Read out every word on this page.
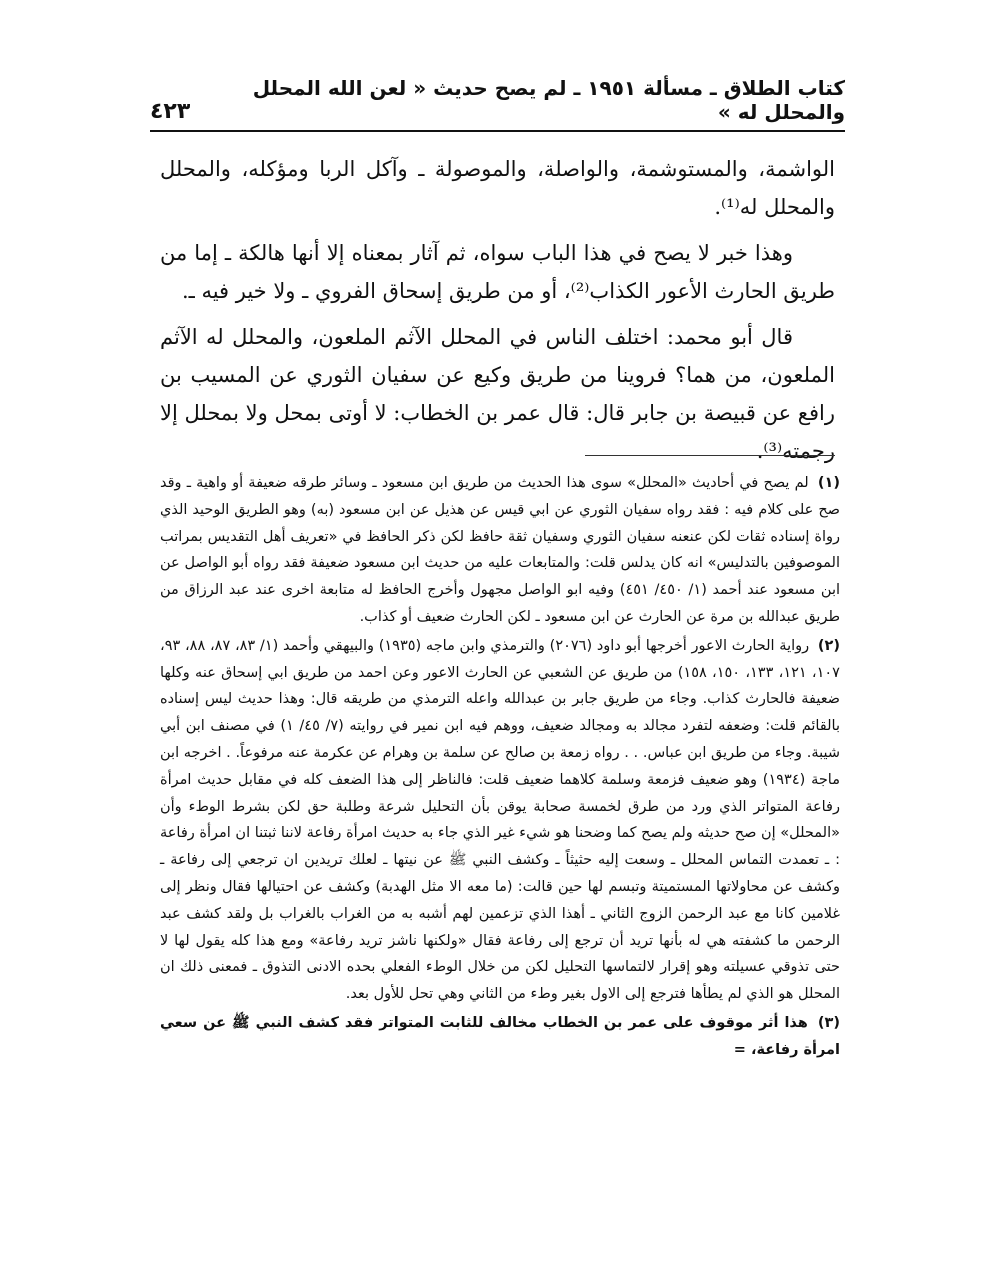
كتاب الطلاق ـ مسألة ١٩٥١ ـ لم يصح حديث « لعن الله المحلل والمحلل له »
٤٢٣

الواشمة، والمستوشمة، والواصلة، والموصولة ـ وآكل الربا ومؤكله، والمحلل والمحلل له⁽¹⁾.

وهذا خبر لا يصح في هذا الباب سواه، ثم آثار بمعناه إلا أنها هالكة ـ إما من طريق الحارث الأعور الكذاب⁽²⁾، أو من طريق إسحاق الفروي ـ ولا خير فيه ـ.

قال أبو محمد: اختلف الناس في المحلل الآثم الملعون، والمحلل له الآثم الملعون، من هما؟ فروينا من طريق وكيع عن سفيان الثوري عن المسيب بن رافع عن قبيصة بن جابر قال: قال عمر بن الخطاب: لا أوتى بمحل ولا بمحلل إلا رجمته⁽³⁾.

(١) لم يصح في أحاديث «المحلل» سوى هذا الحديث من طريق ابن مسعود ـ وسائر طرقه ضعيفة أو واهية ـ وقد صح على كلام فيه : فقد رواه سفيان الثوري عن ابي قيس عن هذيل عن ابن مسعود (به) وهو الطريق الوحيد الذي رواة إسناده ثقات لكن عنعنه سفيان الثوري وسفيان ثقة حافظ لكن ذكر الحافظ في «تعريف أهل التقديس بمراتب الموصوفين بالتدليس» انه كان يدلس قلت: والمتابعات عليه من حديث ابن مسعود ضعيفة فقد رواه أبو الواصل عن ابن مسعود عند أحمد (١/ ٤٥٠/ ٤٥١) وفيه ابو الواصل مجهول وأخرج الحافظ له متابعة اخرى عند عبد الرزاق من طريق عبدالله بن مرة عن الحارث عن ابن مسعود ـ لكن الحارث ضعيف أو كذاب.

(٢) رواية الحارث الاعور أخرجها أبو داود (٢٠٧٦) والترمذي وابن ماجه (١٩٣٥) والبيهقي وأحمد (١/ ٨٣، ٨٧، ٨٨، ٩٣، ١٠٧، ١٢١، ١٣٣، ١٥٠، ١٥٨) من طريق عن الشعبي عن الحارث الاعور وعن احمد من طريق ابي إسحاق عنه وكلها ضعيفة فالحارث كذاب. وجاء من طريق جابر بن عبدالله واعله الترمذي من طريقه قال: وهذا حديث ليس إسناده بالقائم قلت: وضعفه لتفرد مجالد به ومجالد ضعيف، ووهم فيه ابن نمير في روايته (٧/ ٤٥/ ١) في مصنف ابن أبي شيبة. وجاء من طريق ابن عباس. . . رواه زمعة بن صالح عن سلمة بن وهرام عن عكرمة عنه مرفوعاً. . اخرجه ابن ماجة (١٩٣٤) وهو ضعيف فزمعة وسلمة كلاهما ضعيف قلت: فالناظر إلى هذا الضعف كله في مقابل حديث امرأة رفاعة المتواتر الذي ورد من طرق لخمسة صحابة يوقن بأن التحليل شرعة وطلبة حق لكن بشرط الوطء وأن «المحلل» إن صح حديثه ولم يصح كما وضحنا هو شيء غير الذي جاء به حديث امرأة رفاعة لاننا ثبتنا ان امرأة رفاعة : ـ تعمدت التماس المحلل ـ وسعت إليه حثيثاً ـ وكشف النبي ﷺ عن نيتها ـ لعلك تريدين ان ترجعي إلى رفاعة ـ وكشف عن محاولاتها المستميتة وتبسم لها حين قالت: (ما معه الا مثل الهدبة) وكشف عن احتيالها فقال ونظر إلى غلامين كانا مع عبد الرحمن الزوج الثاني ـ أهذا الذي تزعمين لهم أشبه به من الغراب بالغراب بل ولقد كشف عبد الرحمن ما كشفته هي له بأنها تريد أن ترجع إلى رفاعة فقال «ولكنها ناشز تريد رفاعة» ومع هذا كله يقول لها لا حتى تذوقي عسيلته وهو إقرار لالتماسها التحليل لكن من خلال الوطء الفعلي بحده الادنى التذوق ـ فمعنى ذلك ان المحلل هو الذي لم يطأها فترجع إلى الاول بغير وطء من الثاني وهي تحل للأول بعد.

(٣) هذا أثر موقوف على عمر بن الخطاب مخالف للثابت المتواتر فقد كشف النبي ﷺ عن سعي امرأة رفاعة، =
